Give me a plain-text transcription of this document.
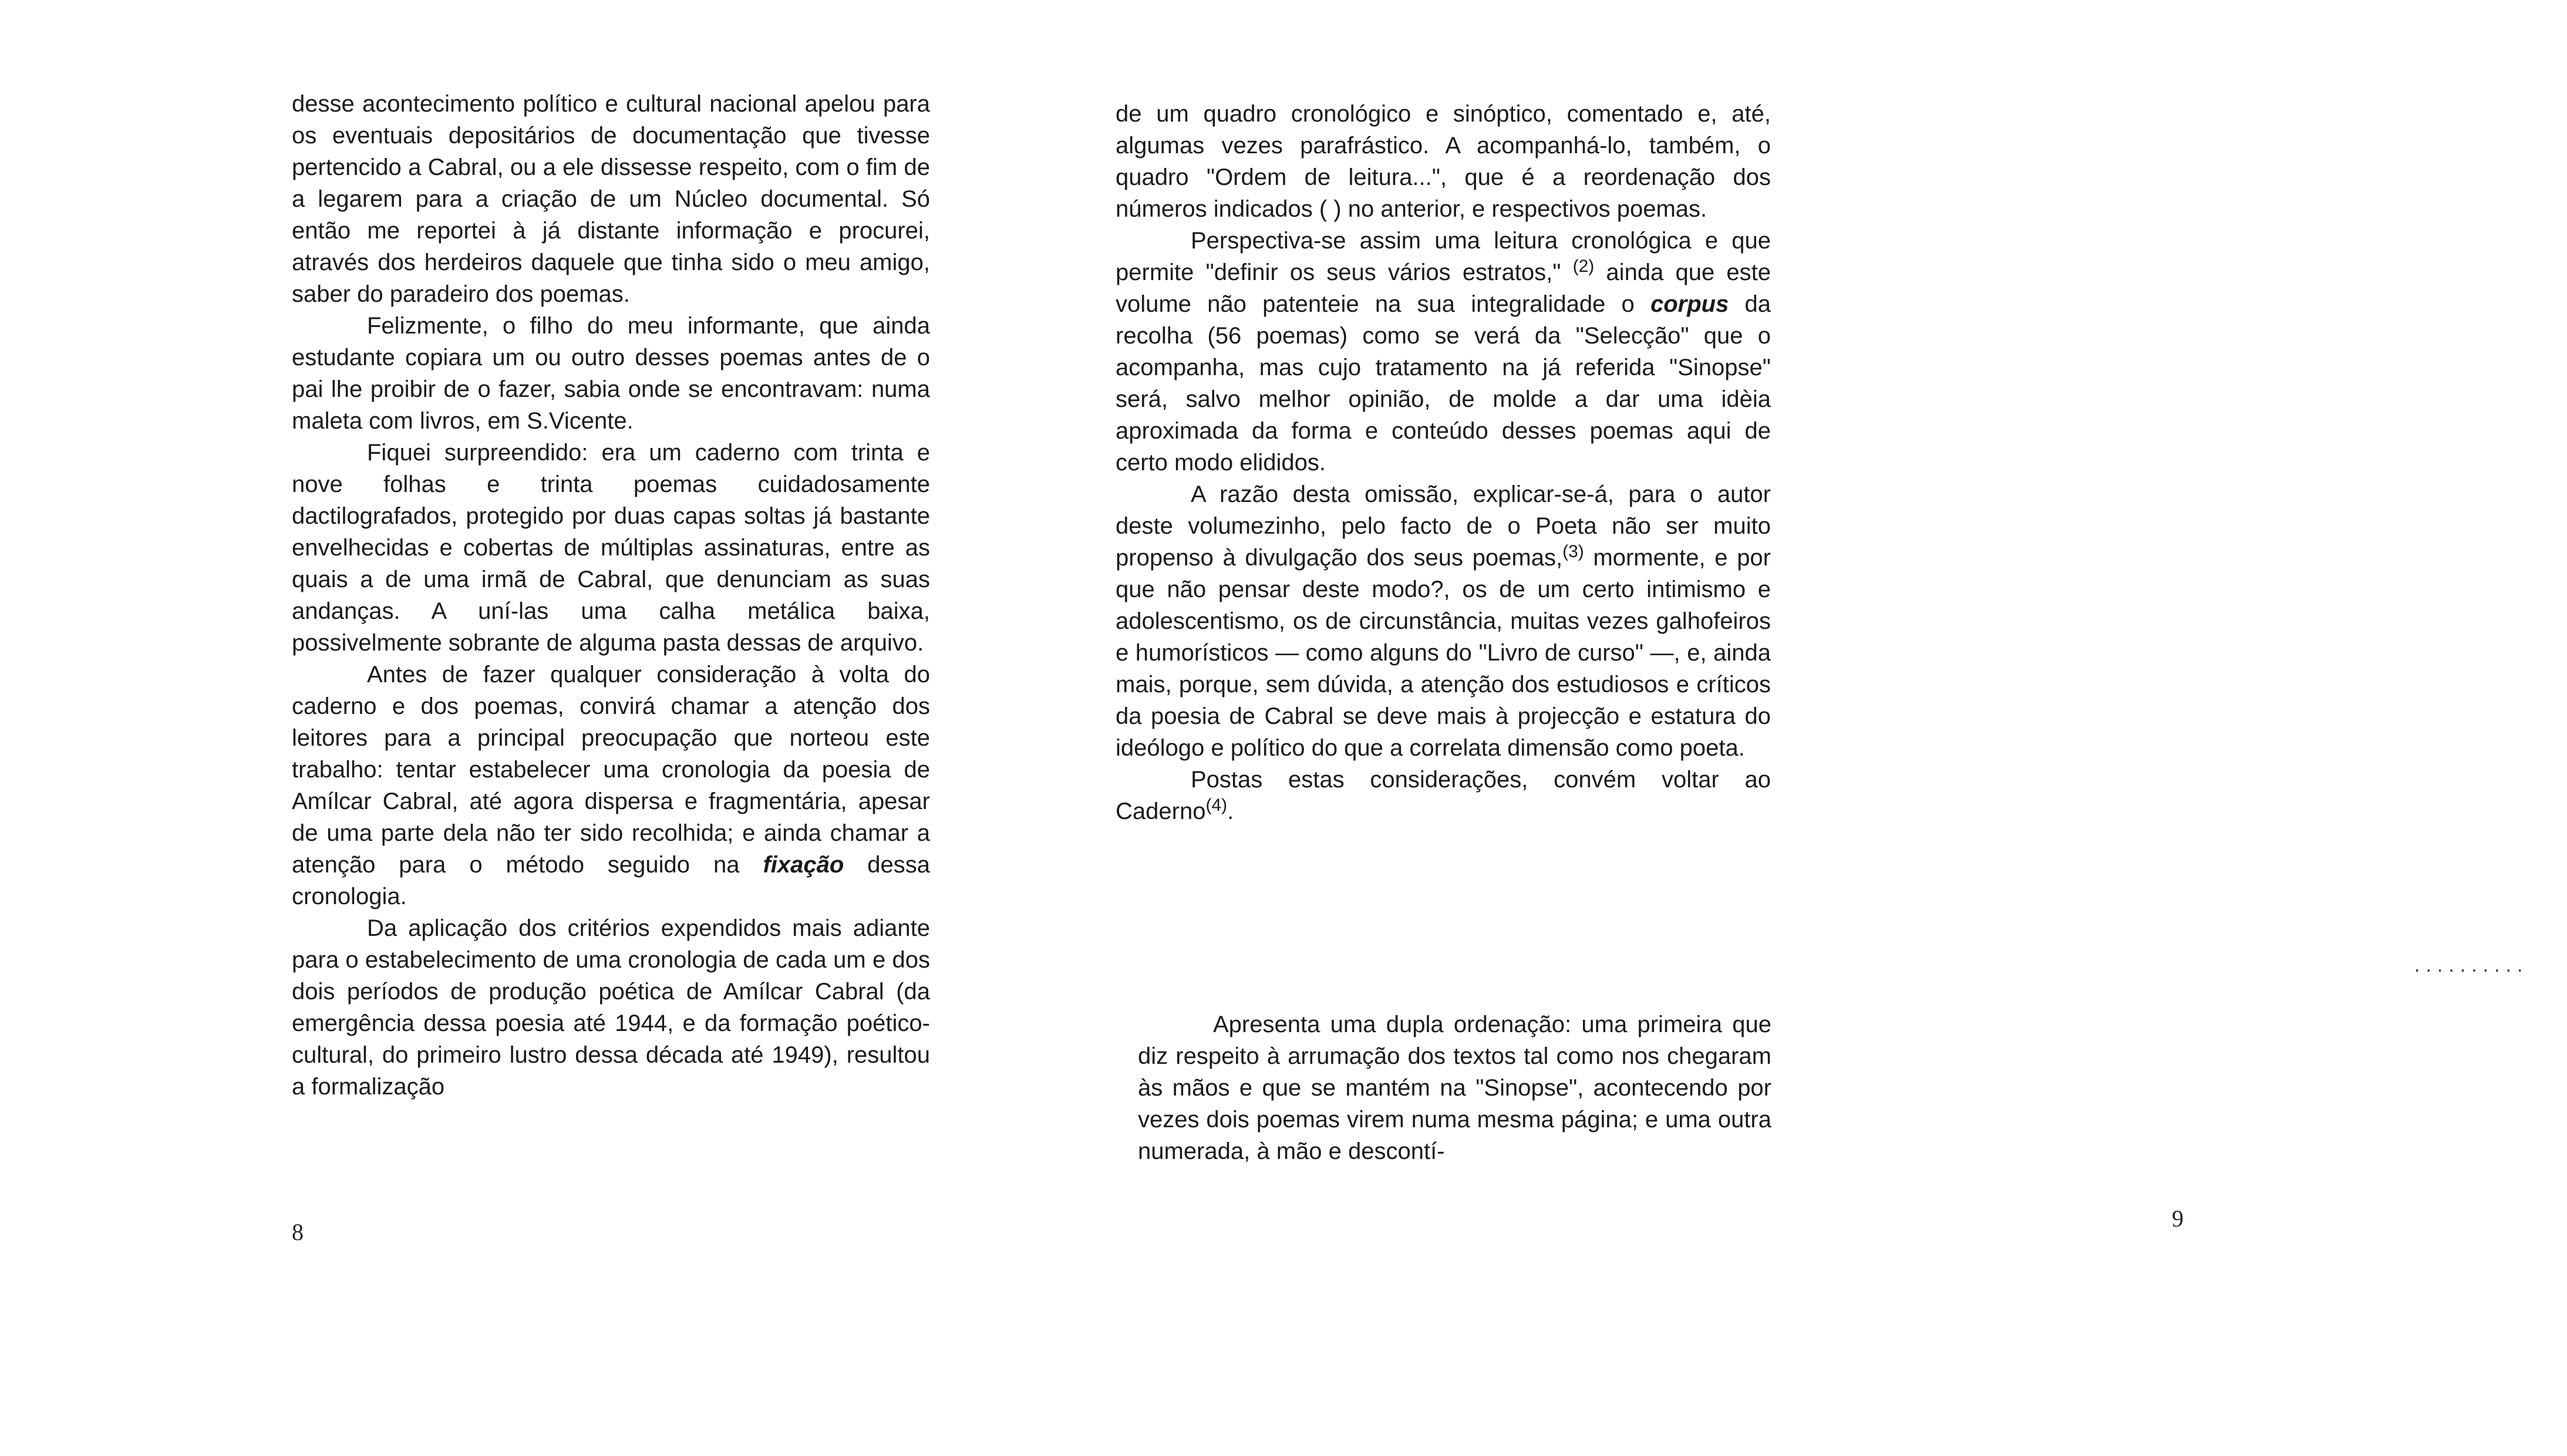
desse acontecimento político e cultural nacional apelou para os eventuais depositários de documentação que tivesse pertencido a Cabral, ou a ele dissesse respeito, com o fim de a legarem para a criação de um Núcleo documental. Só então me reportei à já distante informação e procurei, através dos herdeiros daquele que tinha sido o meu amigo, saber do paradeiro dos poemas.

Felizmente, o filho do meu informante, que ainda estudante copiara um ou outro desses poemas antes de o pai lhe proibir de o fazer, sabia onde se encontravam: numa maleta com livros, em S.Vicente.

Fiquei surpreendido: era um caderno com trinta e nove folhas e trinta poemas cuidadosamente dactilografados, protegido por duas capas soltas já bastante envelhecidas e cobertas de múltiplas assinaturas, entre as quais a de uma irmã de Cabral, que denunciam as suas andanças. A uní-las uma calha metálica baixa, possivelmente sobrante de alguma pasta dessas de arquivo.

Antes de fazer qualquer consideração à volta do caderno e dos poemas, convirá chamar a atenção dos leitores para a principal preocupação que norteou este trabalho: tentar estabelecer uma cronologia da poesia de Amílcar Cabral, até agora dispersa e fragmentária, apesar de uma parte dela não ter sido recolhida; e ainda chamar a atenção para o método seguido na fixação dessa cronologia.

Da aplicação dos critérios expendidos mais adiante para o estabelecimento de uma cronologia de cada um e dos dois períodos de produção poética de Amílcar Cabral (da emergência dessa poesia até 1944, e da formação poético-cultural, do primeiro lustro dessa década até 1949), resultou a formalização

8

de um quadro cronológico e sinóptico, comentado e, até, algumas vezes parafrástico. A acompanhá-lo, também, o quadro "Ordem de leitura...", que é a reordenação dos números indicados ( ) no anterior, e respectivos poemas.

Perspectiva-se assim uma leitura cronológica e que permite "definir os seus vários estratos," $^{(2)}$ ainda que este volume não patenteie na sua integralidade o corpus da recolha (56 poemas) como se verá da "Selecção" que o acompanha, mas cujo tratamento na já referida "Sinopse" será, salvo melhor opinião, de molde a dar uma idèia aproximada da forma e conteúdo desses poemas aqui de certo modo elididos.

A razão desta omissão, explicar-se-á, para o autor deste volumezinho, pelo facto de o Poeta não ser muito propenso à divulgação dos seus poemas,$^{(3)}$ mormente, e por que não pensar deste modo?, os de um certo intimismo e adolescentismo, os de circunstância, muitas vezes galhofeiros e humorísticos — como alguns do "Livro de curso" —, e, ainda mais, porque, sem dúvida, a atenção dos estudiosos e críticos da poesia de Cabral se deve mais à projecção e estatura do ideólogo e político do que a correlata dimensão como poeta.

Postas estas considerações, convém voltar ao Caderno$^{(4)}$.

..........

Apresenta uma dupla ordenação: uma primeira que diz respeito à arrumação dos textos tal como nos chegaram às mãos e que se mantém na "Sinopse", acontecendo por vezes dois poemas virem numa mesma página; e uma outra numerada, à mão e descontí-

9
